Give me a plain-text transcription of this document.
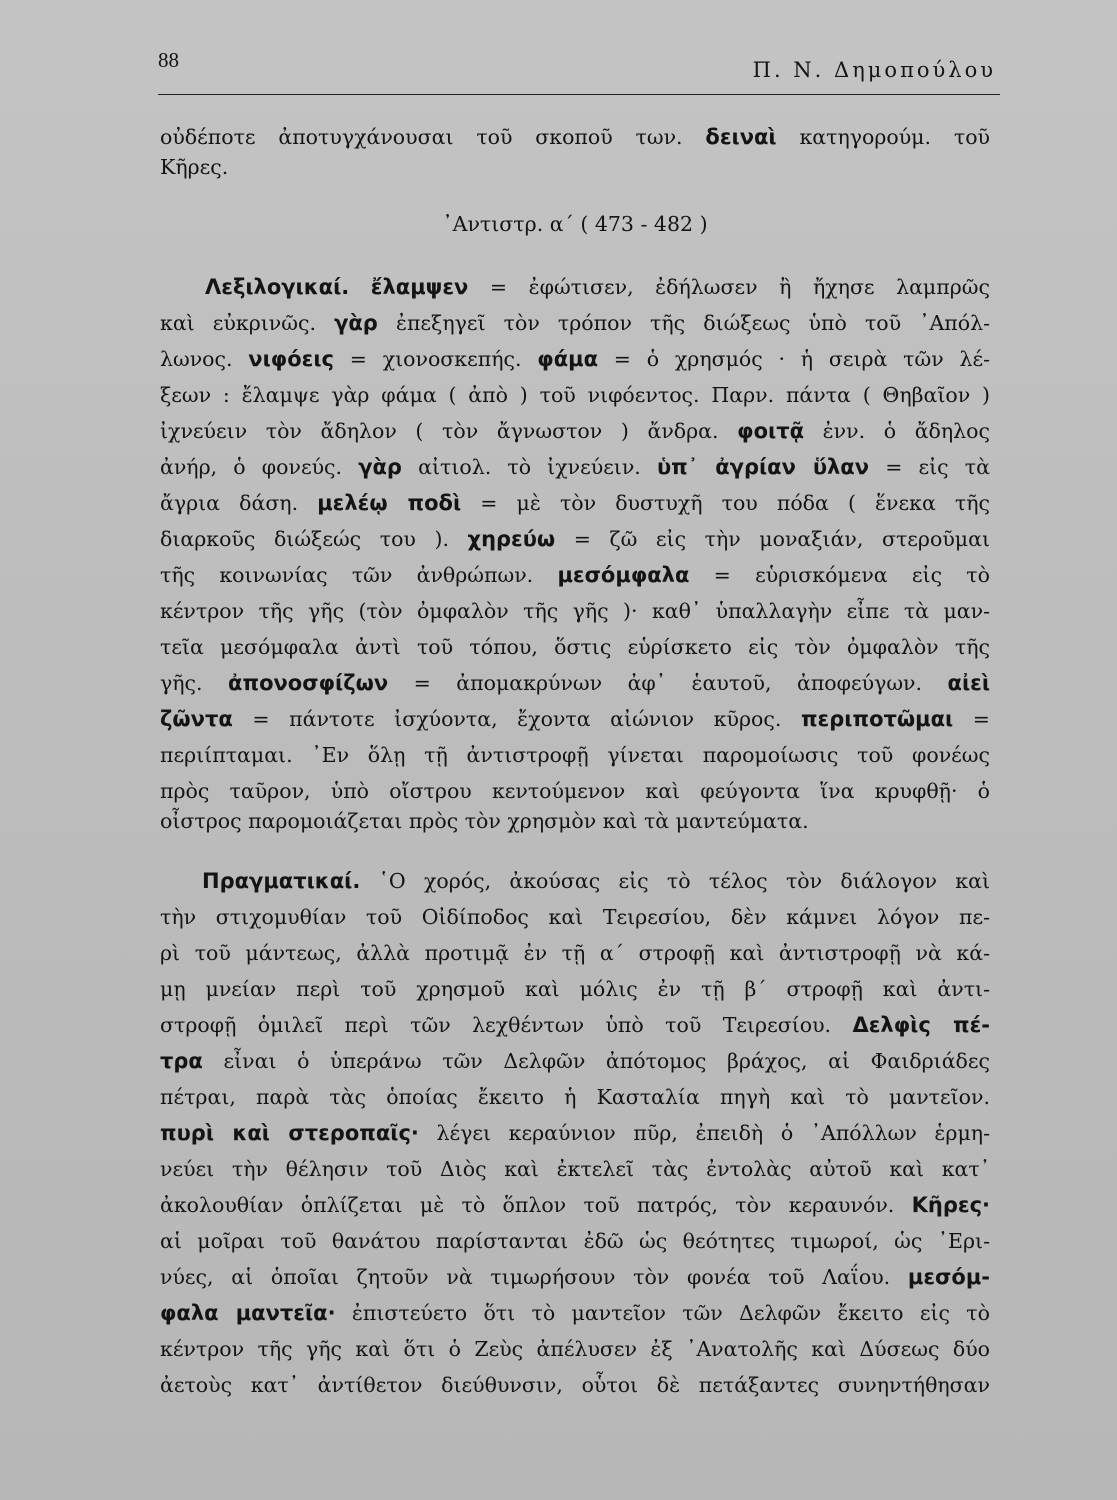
88	Π. Ν. Δημοπούλου
οὐδέποτε ἀποτυγχάνουσαι τοῦ σκοποῦ των. δειναὶ κατηγορούμ. τοῦ
Κῆρες.
᾿Αντιστρ. α΄ ( 473 - 482 )
Λεξιλογικαί. ἔλαμψεν = ἐφώτισεν, ἐδήλωσεν ἢ ἤχησε λαμπρῶς
καὶ εὐκρινῶς. γὰρ ἐπεξηγεῖ τὸν τρόπον τῆς διώξεως ὑπὸ τοῦ ᾿Απόλ-
λωνος. νιφόεις = χιονοσκεπής. φάμα = ὁ χρησμός · ἡ σειρὰ τῶν λέ-
ξεων : ἔλαμψε γὰρ φάμα ( ἀπὸ ) τοῦ νιφόεντος. Παρν. πάντα ( Θηβαῖον )
ἰχνεύειν τὸν ἄδηλον ( τὸν ἄγνωστον ) ἄνδρα. φοιτᾷ ἐνν. ὁ ἄδηλος
ἀνήρ, ὁ φονεύς. γὰρ αἰτιολ. τὸ ἰχνεύειν. ὑπ᾿ ἀγρίαν ὕλαν = εἰς τὰ
ἄγρια δάση. μελέῳ ποδὶ = μὲ τὸν δυστυχῆ του πόδα ( ἕνεκα τῆς
διαρκοῦς διώξεώς του ). χηρεύω = ζῶ εἰς τὴν μοναξιάν, στεροῦμαι
τῆς κοινωνίας τῶν ἀνθρώπων. μεσόμφαλα = εὑρισκόμενα εἰς τὸ
κέντρον τῆς γῆς (τὸν ὀμφαλὸν τῆς γῆς )· καθ᾿ ὑπαλλαγὴν εἶπε τὰ μαν-
τεῖα μεσόμφαλα ἀντὶ τοῦ τόπου, ὅστις εὑρίσκετο εἰς τὸν ὀμφαλὸν τῆς
γῆς. ἀπονοσφίζων = ἀπομακρύνων ἀφ᾿ ἑαυτοῦ, ἀποφεύγων. αἰεὶ
ζῶντα = πάντοτε ἰσχύοντα, ἔχοντα αἰώνιον κῦρος. περιποτῶμαι =
περιίπταμαι. ᾿Εν ὅλῃ τῇ ἀντιστροφῇ γίνεται παρομοίωσις τοῦ φονέως
πρὸς ταῦρον, ὑπὸ οἴστρου κεντούμενον καὶ φεύγοντα ἵνα κρυφθῇ· ὁ
οἶστρος παρομοιάζεται πρὸς τὸν χρησμὸν καὶ τὰ μαντεύματα.
Πραγματικαί. ῾Ο χορός, ἀκούσας εἰς τὸ τέλος τὸν διάλογον καὶ
τὴν στιχομυθίαν τοῦ Οἰδίποδος καὶ Τειρεσίου, δὲν κάμνει λόγον πε-
ρὶ τοῦ μάντεως, ἀλλὰ προτιμᾷ ἐν τῇ α΄ στροφῇ καὶ ἀντιστροφῇ νὰ κά-
μῃ μνείαν περὶ τοῦ χρησμοῦ καὶ μόλις ἐν τῇ β΄ στροφῇ καὶ ἀντι-
στροφῇ ὁμιλεῖ περὶ τῶν λεχθέντων ὑπὸ τοῦ Τειρεσίου. Δελφὶς πέ-
τρα εἶναι ὁ ὑπεράνω τῶν Δελφῶν ἀπότομος βράχος, αἱ Φαιδριάδες
πέτραι, παρὰ τὰς ὁποίας ἔκειτο ἡ Κασταλία πηγὴ καὶ τὸ μαντεῖον.
πυρὶ καὶ στεροπαῖς· λέγει κεραύνιον πῦρ, ἐπειδὴ ὁ ᾿Απόλλων ἑρμη-
νεύει τὴν θέλησιν τοῦ Διὸς καὶ ἐκτελεῖ τὰς ἐντολὰς αὐτοῦ καὶ κατ᾿
ἀκολουθίαν ὁπλίζεται μὲ τὸ ὅπλον τοῦ πατρός, τὸν κεραυνόν. Κῆρες·
αἱ μοῖραι τοῦ θανάτου παρίστανται ἐδῶ ὡς θεότητες τιμωροί, ὡς ᾿Ερι-
νύες, αἱ ὁποῖαι ζητοῦν νὰ τιμωρήσουν τὸν φονέα τοῦ Λαΐου. μεσόμ-
φαλα μαντεῖα· ἐπιστεύετο ὅτι τὸ μαντεῖον τῶν Δελφῶν ἔκειτο εἰς τὸ
κέντρον τῆς γῆς καὶ ὅτι ὁ Ζεὺς ἀπέλυσεν ἐξ ᾿Ανατολῆς καὶ Δύσεως δύο
ἀετοὺς κατ᾿ ἀντίθετον διεύθυνσιν, οὗτοι δὲ πετάξαντες συνηντήθησαν
